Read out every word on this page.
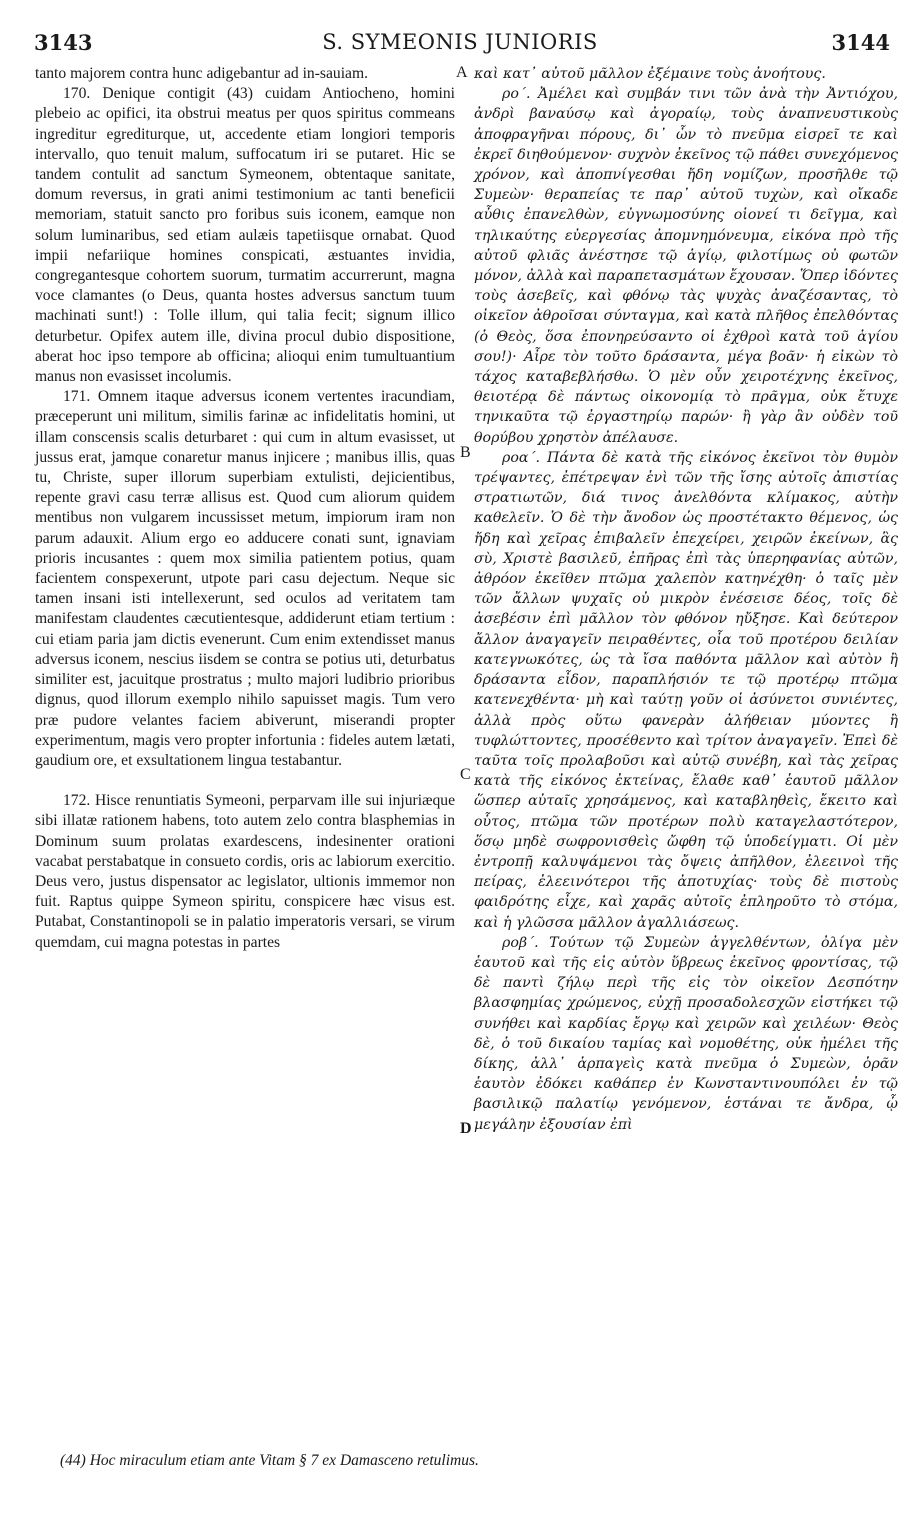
3143	S. SYMEONIS JUNIORIS	3144

tanto majorem contra hunc adigebantur ad in-sauiam.

170. Denique contigit (43) cuidam Antiocheno, homini plebeio ac opifici, ita obstrui meatus per quos spiritus commeans ingreditur egrediturque, ut, accedente etiam longiori temporis intervallo, quo tenuit malum, suffocatum iri se putaret. Hic se tandem contulit ad sanctum Symeonem, obtentaque sanitate, domum reversus, in grati animi testimonium ac tanti beneficii memoriam, statuit sancto pro foribus suis iconem, eamque non solum luminaribus, sed etiam aulæis tapetiisque ornabat. Quod impii nefariique homines conspicati, æstuantes invidia, congregantesque cohortem suorum, turmatim accurrerunt, magna voce clamantes (o Deus, quanta hostes adversus sanctum tuum machinati sunt!) : Tolle illum, qui talia fecit; signum illico deturbetur. Opifex autem ille, divina procul dubio dispositione, aberat hoc ipso tempore ab officina; alioqui enim tumultuantium manus non evasisset incolumis.

171. Omnem itaque adversus iconem vertentes iracundiam, præceperunt uni militum, similis farinæ ac infidelitatis homini, ut illam conscensis scalis deturbaret : qui cum in altum evasisset, ut jussus erat, jamque conaretur manus injicere ; manibus illis, quas tu, Christe, super illorum superbiam extulisti, dejicientibus, repente gravi casu terræ allisus est. Quod cum aliorum quidem mentibus non vulgarem incussisset metum, impiorum iram non parum adauxit. Alium ergo eo adducere conati sunt, ignaviam prioris incusantes : quem mox similia patientem potius, quam facientem conspexerunt, utpote pari casu dejectum. Neque sic tamen insani isti intellexerunt, sed oculos ad veritatem tam manifestam claudentes cæcutientesque, addiderunt etiam tertium : cui etiam paria jam dictis evenerunt. Cum enim extendisset manus adversus iconem, nescius iisdem se contra se potius uti, deturbatus similiter est, jacuitque prostratus ; multo majori ludibrio prioribus dignus, quod illorum exemplo nihilo sapuisset magis. Tum vero præ pudore velantes faciem abiverunt, miserandi propter experimentum, magis vero propter infortunia : fideles autem lætati, gaudium ore, et exsultationem lingua testabantur.

172. Hisce renuntiatis Symeoni, perparvam ille sui injuriæque sibi illatæ rationem habens, toto autem zelo contra blasphemias in Dominum suum prolatas exardescens, indesinenter orationi vacabat perstabatque in consueto cordis, oris ac labiorum exercitio. Deus vero, justus dispensator ac legislator, ultionis immemor non fuit. Raptus quippe Symeon spiritu, conspicere hæc visus est. Putabat, Constantinopoli se in palatio imperatoris versari, se virum quemdam, cui magna potestas in partes

A
B
C
D

καὶ κατ᾽ αὐτοῦ μᾶλλον ἐξέμαινε τοὺς ἀνοήτους.

ρο΄. Ἀμέλει καὶ συμβάν τινι τῶν ἀνὰ τὴν Ἀντιόχου, ἀνδρὶ βαναύσῳ καὶ ἀγοραίῳ, τοὺς ἀναπνευστικοὺς ἀποφραγῆναι πόρους, δι᾽ ὧν τὸ πνεῦμα εἰσρεῖ τε καὶ ἐκρεῖ διηθούμενον· συχνὸν ἐκεῖνος τῷ πάθει συνεχόμενος χρόνον, καὶ ἀποπνίγεσθαι ἤδη νομίζων, προσῆλθε τῷ Συμεὼν· θεραπείας τε παρ᾽ αὐτοῦ τυχὼν, καὶ οἴκαδε αὖθις ἐπανελθὼν, εὐγνωμοσύνης οἱονεί τι δεῖγμα, καὶ τηλικαύτης εὐεργεσίας ἀπομνημόνευμα, εἰκόνα πρὸ τῆς αὐτοῦ φλιᾶς ἀνέστησε τῷ ἁγίῳ, φιλοτίμως οὐ φωτῶν μόνον, ἀλλὰ καὶ παραπετασμάτων ἔχουσαν. Ὅπερ ἰδόντες τοὺς ἀσεβεῖς, καὶ φθόνῳ τὰς ψυχὰς ἀναζέσαντας, τὸ οἰκεῖον ἀθροῖσαι σύνταγμα, καὶ κατὰ πλῆθος ἐπελθόντας (ὁ Θεὸς, ὅσα ἐπονηρεύσαντο οἱ ἐχθροὶ κατὰ τοῦ ἁγίου σου!)· Αἶρε τὸν τοῦτο δράσαντα, μέγα βοᾶν· ἡ εἰκὼν τὸ τάχος καταβεβλήσθω. Ὁ μὲν οὖν χειροτέχνης ἐκεῖνος, θειοτέρᾳ δὲ πάντως οἰκονομίᾳ τὸ πρᾶγμα, οὐκ ἔτυχε τηνικαῦτα τῷ ἐργαστηρίῳ παρών· ἢ γὰρ ἂν οὐδὲν τοῦ θορύβου χρηστὸν ἀπέλαυσε.

ροα΄. Πάντα δὲ κατὰ τῆς εἰκόνος ἐκεῖνοι τὸν θυμὸν τρέψαντες, ἐπέτρεψαν ἑνὶ τῶν τῆς ἴσης αὐτοῖς ἀπιστίας στρατιωτῶν, διά τινος ἀνελθόντα κλίμακος, αὐτὴν καθελεῖν. Ὁ δὲ τὴν ἄνοδον ὡς προστέτακτο θέμενος, ὡς ἤδη καὶ χεῖρας ἐπιβαλεῖν ἐπεχείρει, χειρῶν ἐκείνων, ἃς σὺ, Χριστὲ βασιλεῦ, ἐπῆρας ἐπὶ τὰς ὑπερηφανίας αὐτῶν, ἀθρόον ἐκεῖθεν πτῶμα χαλεπὸν κατηνέχθη· ὁ ταῖς μὲν τῶν ἄλλων ψυχαῖς οὐ μικρὸν ἐνέσεισε δέος, τοῖς δὲ ἀσεβέσιν ἐπὶ μᾶλλον τὸν φθόνον ηὔξησε. Καὶ δεύτερον ἄλλον ἀναγαγεῖν πειραθέντες, οἷα τοῦ προτέρου δειλίαν κατεγνωκότες, ὡς τὰ ἴσα παθόντα μᾶλλον καὶ αὐτὸν ἢ δράσαντα εἶδον, παραπλήσιόν τε τῷ προτέρῳ πτῶμα κατενεχθέντα· μὴ καὶ ταύτῃ γοῦν οἱ ἀσύνετοι συνιέντες, ἀλλὰ πρὸς οὕτω φανερὰν ἀλήθειαν μύοντες ἢ τυφλώττοντες, προσέθεντο καὶ τρίτον ἀναγαγεῖν. Ἐπεὶ δὲ ταῦτα τοῖς προλαβοῦσι καὶ αὐτῷ συνέβη, καὶ τὰς χεῖρας κατὰ τῆς εἰκόνος ἐκτείνας, ἔλαθε καθ᾽ ἑαυτοῦ μᾶλλον ὥσπερ αὐταῖς χρησάμενος, καὶ καταβληθεὶς, ἔκειτο καὶ οὗτος, πτῶμα τῶν προτέρων πολὺ καταγελαστότερον, ὅσῳ μηδὲ σωφρονισθεὶς ὤφθη τῷ ὑποδείγματι. Οἱ μὲν ἐντροπῇ καλυψάμενοι τὰς ὄψεις ἀπῆλθον, ἐλεεινοὶ τῆς πείρας, ἐλεεινότεροι τῆς ἀποτυχίας· τοὺς δὲ πιστοὺς φαιδρότης εἶχε, καὶ χαρᾶς αὐτοῖς ἐπληροῦτο τὸ στόμα, καὶ ἡ γλῶσσα μᾶλλον ἀγαλλιάσεως.

ροβ΄. Τούτων τῷ Συμεὼν ἀγγελθέντων, ὀλίγα μὲν ἑαυτοῦ καὶ τῆς εἰς αὐτὸν ὕβρεως ἐκεῖνος φροντίσας, τῷ δὲ παντὶ ζήλῳ περὶ τῆς εἰς τὸν οἰκεῖον Δεσπότην βλασφημίας χρώμενος, εὐχῇ προσαδολεσχῶν εἰστήκει τῷ συνήθει καὶ καρδίας ἔργῳ καὶ χειρῶν καὶ χειλέων· Θεὸς δὲ, ὁ τοῦ δικαίου ταμίας καὶ νομοθέτης, οὐκ ἠμέλει τῆς δίκης, ἀλλ᾽ ἁρπαγεὶς κατὰ πνεῦμα ὁ Συμεὼν, ὁρᾶν ἑαυτὸν ἐδόκει καθάπερ ἐν Κωνσταντινουπόλει ἐν τῷ βασιλικῷ παλατίῳ γενόμενον, ἑστάναι τε ἄνδρα, ᾧ μεγάλην ἐξουσίαν ἐπὶ

(44) Hoc miraculum etiam ante Vitam § 7 ex Damasceno retulimus.
